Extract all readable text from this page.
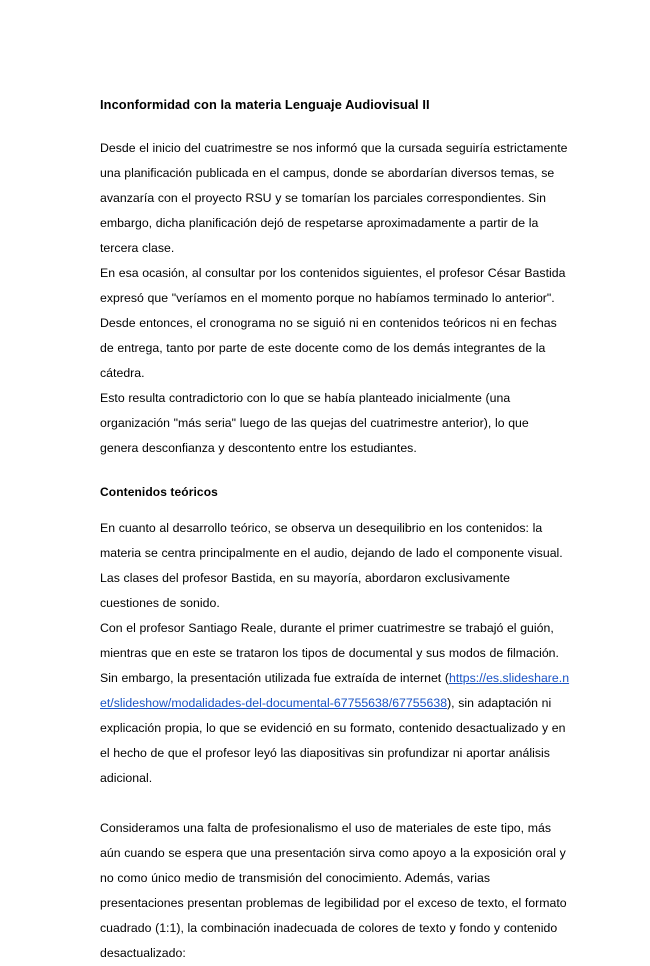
Inconformidad con la materia Lenguaje Audiovisual II

Desde el inicio del cuatrimestre se nos informó que la cursada seguiría estrictamente una planificación publicada en el campus, donde se abordarían diversos temas, se avanzaría con el proyecto RSU y se tomarían los parciales correspondientes. Sin embargo, dicha planificación dejó de respetarse aproximadamente a partir de la tercera clase.

En esa ocasión, al consultar por los contenidos siguientes, el profesor César Bastida expresó que "veríamos en el momento porque no habíamos terminado lo anterior". Desde entonces, el cronograma no se siguió ni en contenidos teóricos ni en fechas de entrega, tanto por parte de este docente como de los demás integrantes de la cátedra.

Esto resulta contradictorio con lo que se había planteado inicialmente (una organización "más seria" luego de las quejas del cuatrimestre anterior), lo que genera desconfianza y descontento entre los estudiantes.

Contenidos teóricos

En cuanto al desarrollo teórico, se observa un desequilibrio en los contenidos: la materia se centra principalmente en el audio, dejando de lado el componente visual. Las clases del profesor Bastida, en su mayoría, abordaron exclusivamente cuestiones de sonido.

Con el profesor Santiago Reale, durante el primer cuatrimestre se trabajó el guión, mientras que en este se trataron los tipos de documental y sus modos de filmación. Sin embargo, la presentación utilizada fue extraída de internet (https://es.slideshare.net/slideshow/modalidades-del-documental-67755638/67755638), sin adaptación ni explicación propia, lo que se evidenció en su formato, contenido desactualizado y en el hecho de que el profesor leyó las diapositivas sin profundizar ni aportar análisis adicional.

Consideramos una falta de profesionalismo el uso de materiales de este tipo, más aún cuando se espera que una presentación sirva como apoyo a la exposición oral y no como único medio de transmisión del conocimiento. Además, varias presentaciones presentan problemas de legibilidad por el exceso de texto, el formato cuadrado (1:1), la combinación inadecuada de colores de texto y fondo y contenido desactualizado:
